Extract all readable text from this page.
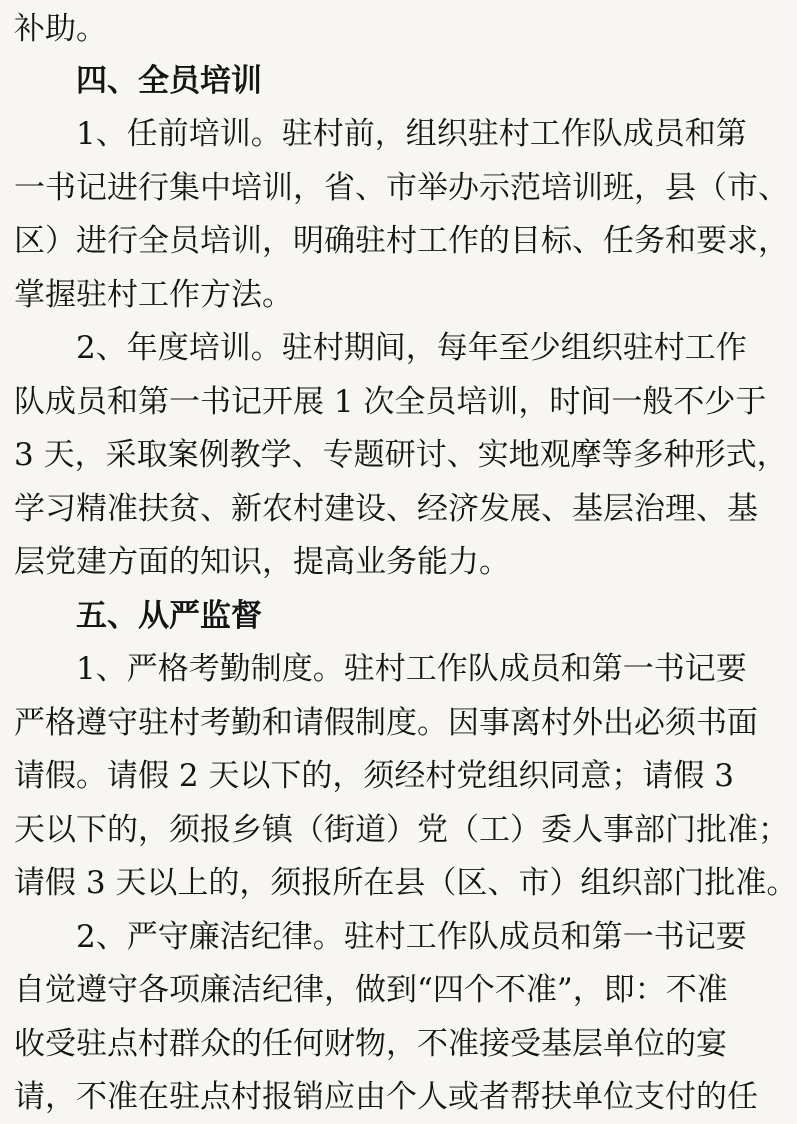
补助。
四、全员培训
1、任前培训。驻村前，组织驻村工作队成员和第
一书记进行集中培训，省、市举办示范培训班，县（市、
区）进行全员培训，明确驻村工作的目标、任务和要求，
掌握驻村工作方法。
2、年度培训。驻村期间，每年至少组织驻村工作
队成员和第一书记开展 1 次全员培训，时间一般不少于
3 天，采取案例教学、专题研讨、实地观摩等多种形式，
学习精准扶贫、新农村建设、经济发展、基层治理、基
层党建方面的知识，提高业务能力。
五、从严监督
1、严格考勤制度。驻村工作队成员和第一书记要
严格遵守驻村考勤和请假制度。因事离村外出必须书面
请假。请假 2 天以下的，须经村党组织同意；请假 3
天以下的，须报乡镇（街道）党（工）委人事部门批准；
请假 3 天以上的，须报所在县（区、市）组织部门批准。
2、严守廉洁纪律。驻村工作队成员和第一书记要
自觉遵守各项廉洁纪律，做到“四个不准”，即：不准
收受驻点村群众的任何财物，不准接受基层单位的宴
请，不准在驻点村报销应由个人或者帮扶单位支付的任
